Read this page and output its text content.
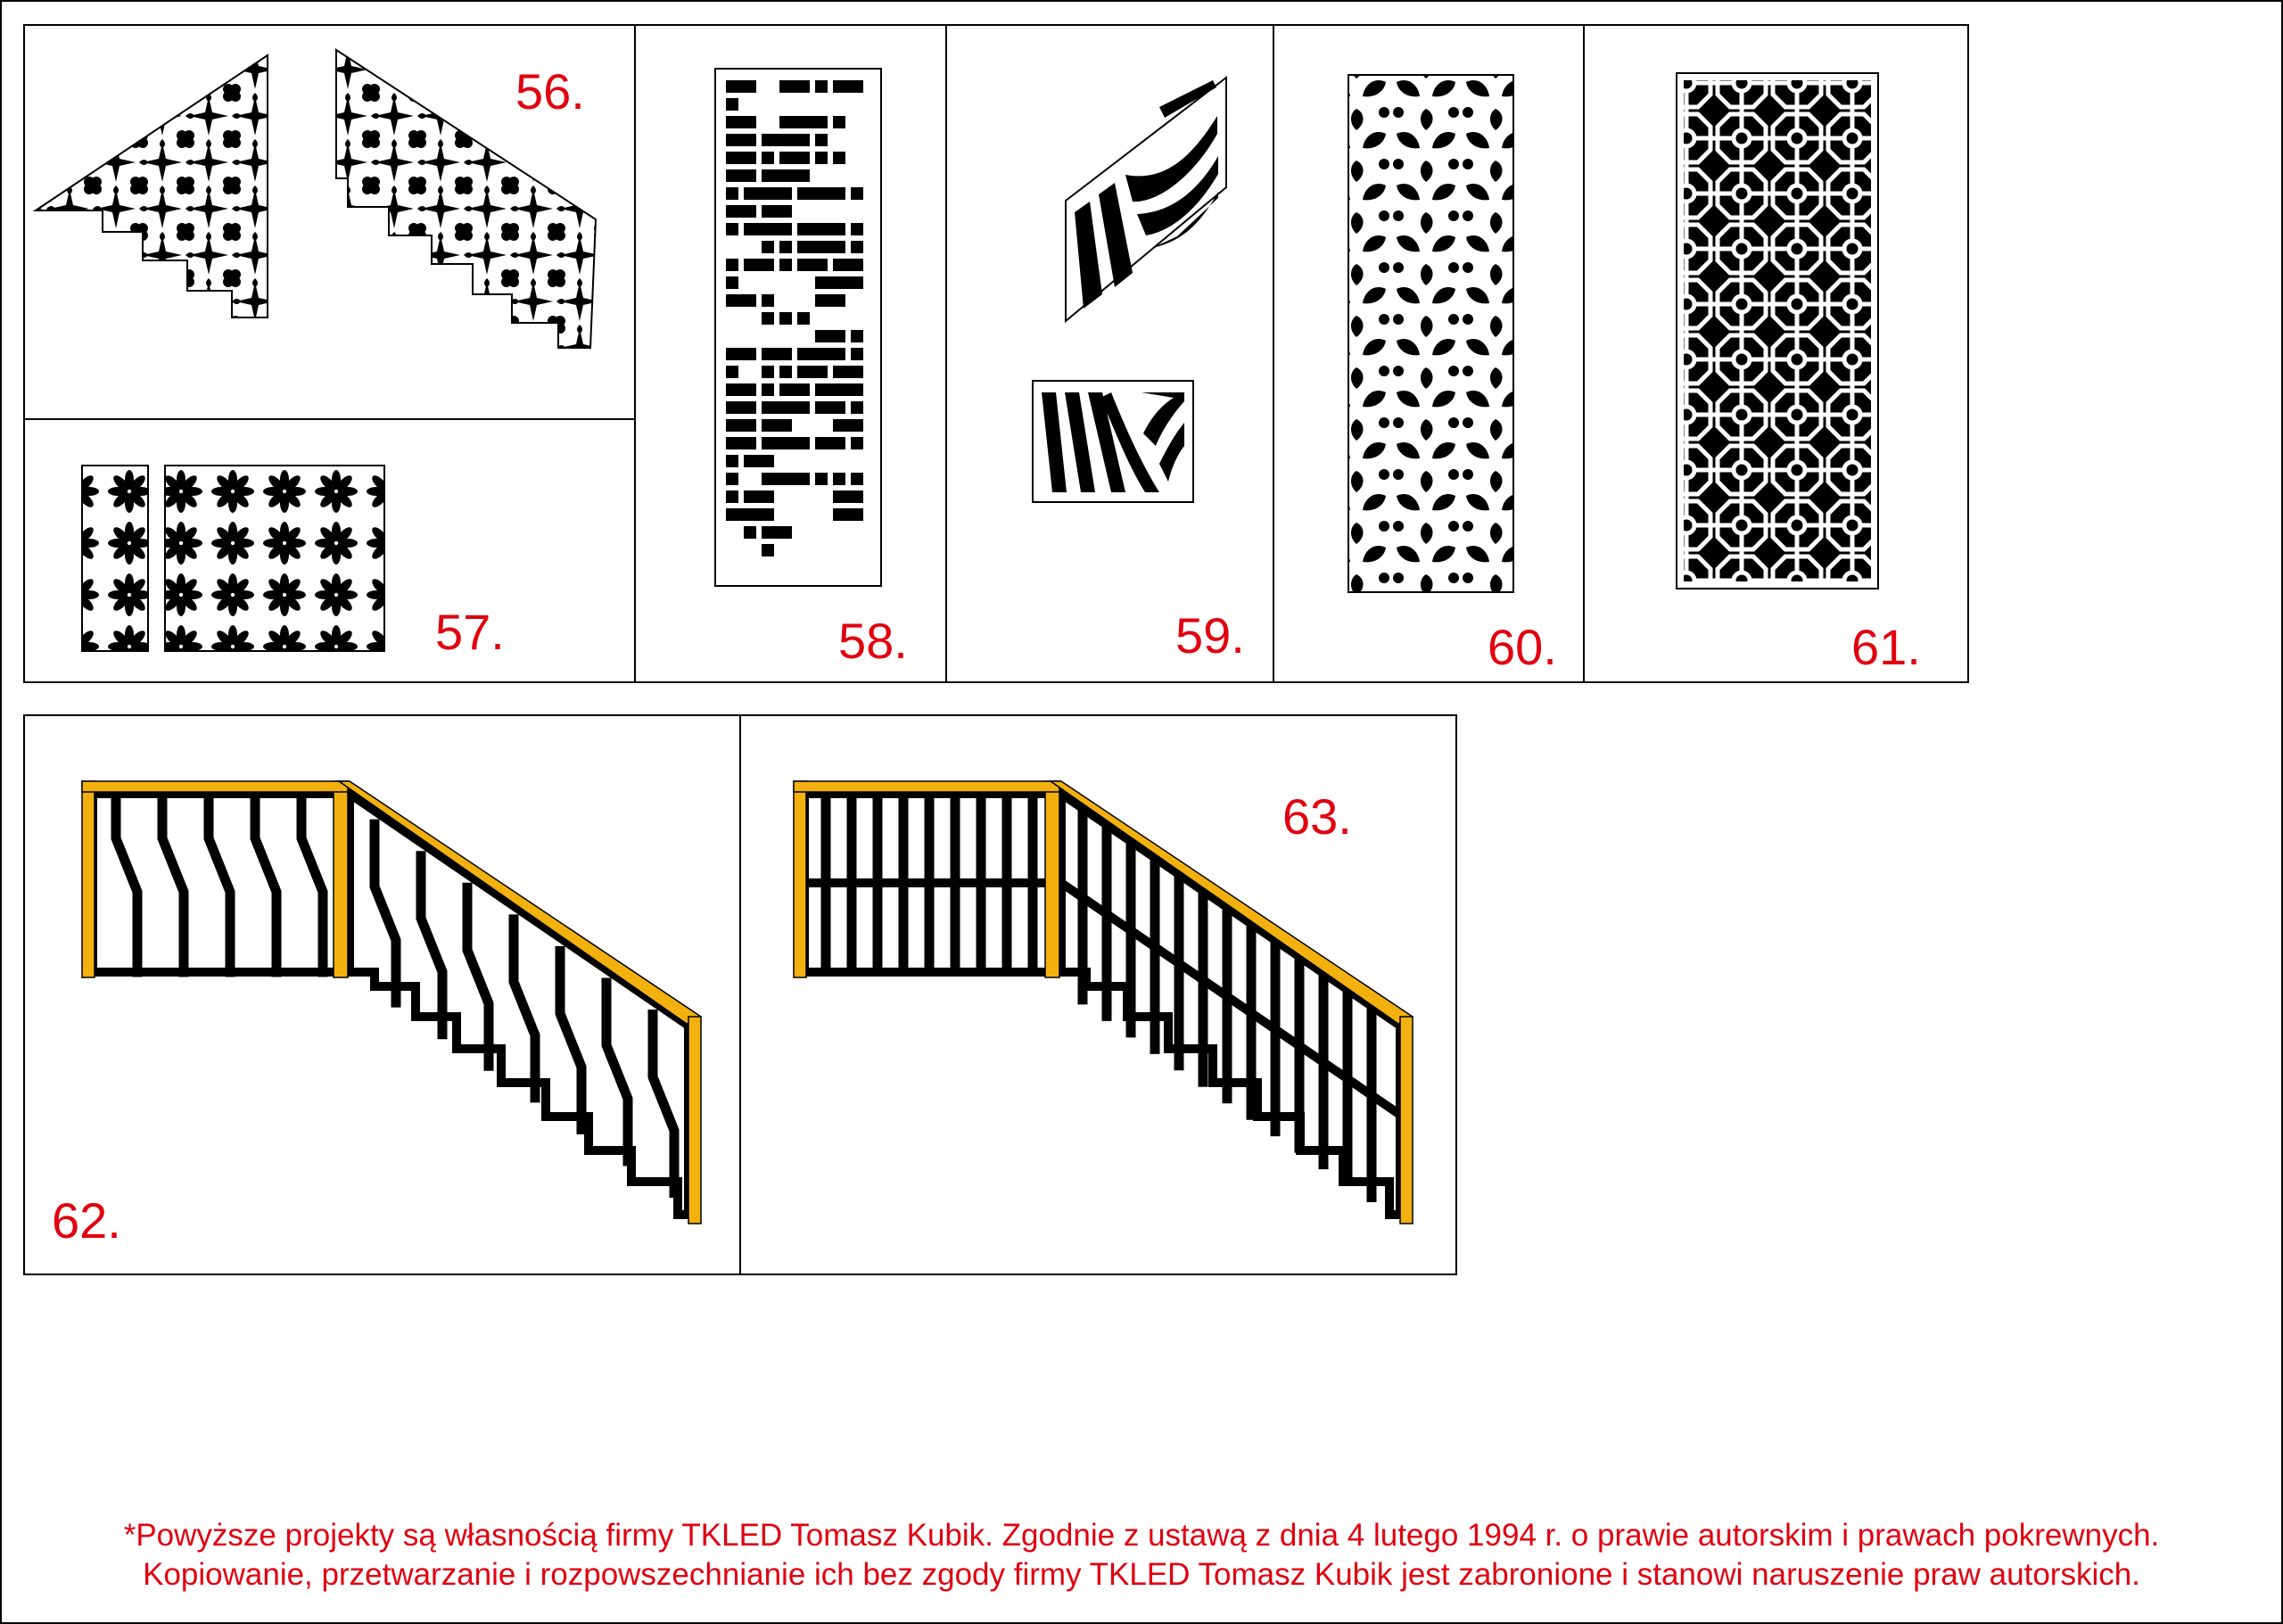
56.
57.	58.	59.	60.	61.
62.
63.
*Powyższe projekty są własnością firmy TKLED Tomasz Kubik. Zgodnie z ustawą z dnia 4 lutego 1994 r. o prawie autorskim i prawach pokrewnych.
Kopiowanie, przetwarzanie i rozpowszechnianie ich bez zgody firmy TKLED Tomasz Kubik jest zabronione i stanowi naruszenie praw autorskich.
